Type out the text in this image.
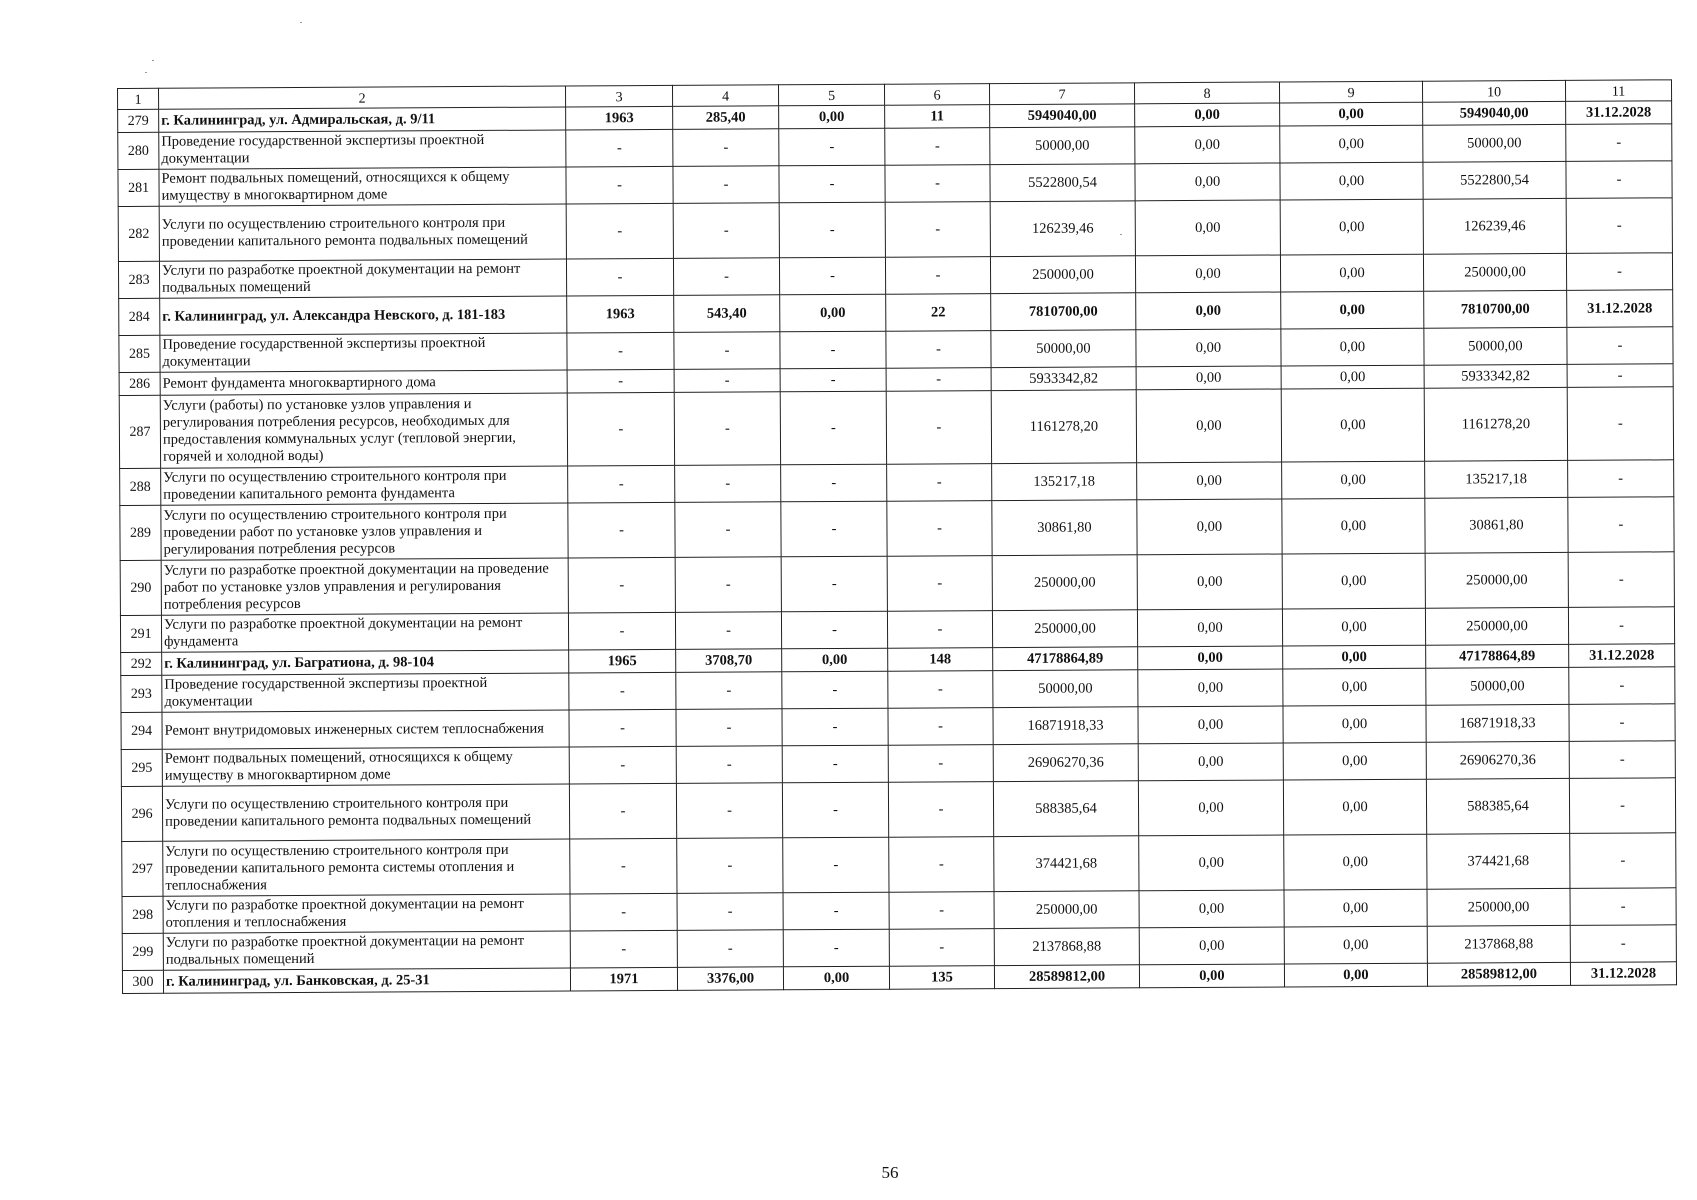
1	2	3	4	5	6	7	8	9	10	11
279	г. Калининград, ул. Адмиральская, д. 9/11	1963	285,40	0,00	11	5949040,00	0,00	0,00	5949040,00	31.12.2028
280	Проведение государственной экспертизы проектной документации	-	-	-	-	50000,00	0,00	0,00	50000,00	-
281	Ремонт подвальных помещений, относящихся к общему имуществу в многоквартирном доме	-	-	-	-	5522800,54	0,00	0,00	5522800,54	-
282	Услуги по осуществлению строительного контроля при проведении капитального ремонта подвальных помещений	-	-	-	-	126239,46	0,00	0,00	126239,46	-
283	Услуги по разработке проектной документации на ремонт подвальных помещений	-	-	-	-	250000,00	0,00	0,00	250000,00	-
284	г. Калининград, ул. Александра Невского, д. 181-183	1963	543,40	0,00	22	7810700,00	0,00	0,00	7810700,00	31.12.2028
285	Проведение государственной экспертизы проектной документации	-	-	-	-	50000,00	0,00	0,00	50000,00	-
286	Ремонт фундамента многоквартирного дома	-	-	-	-	5933342,82	0,00	0,00	5933342,82	-
287	Услуги (работы) по установке узлов управления и регулирования потребления ресурсов, необходимых для предоставления коммунальных услуг (тепловой энергии, горячей и холодной воды)	-	-	-	-	1161278,20	0,00	0,00	1161278,20	-
288	Услуги по осуществлению строительного контроля при проведении капитального ремонта фундамента	-	-	-	-	135217,18	0,00	0,00	135217,18	-
289	Услуги по осуществлению строительного контроля при проведении работ по установке узлов управления и регулирования потребления ресурсов	-	-	-	-	30861,80	0,00	0,00	30861,80	-
290	Услуги по разработке проектной документации на проведение работ по установке узлов управления и регулирования потребления ресурсов	-	-	-	-	250000,00	0,00	0,00	250000,00	-
291	Услуги по разработке проектной документации на ремонт фундамента	-	-	-	-	250000,00	0,00	0,00	250000,00	-
292	г. Калининград, ул. Багратиона, д. 98-104	1965	3708,70	0,00	148	47178864,89	0,00	0,00	47178864,89	31.12.2028
293	Проведение государственной экспертизы проектной документации	-	-	-	-	50000,00	0,00	0,00	50000,00	-
294	Ремонт внутридомовых инженерных систем теплоснабжения	-	-	-	-	16871918,33	0,00	0,00	16871918,33	-
295	Ремонт подвальных помещений, относящихся к общему имуществу в многоквартирном доме	-	-	-	-	26906270,36	0,00	0,00	26906270,36	-
296	Услуги по осуществлению строительного контроля при проведении капитального ремонта подвальных помещений	-	-	-	-	588385,64	0,00	0,00	588385,64	-
297	Услуги по осуществлению строительного контроля при проведении капитального ремонта системы отопления и теплоснабжения	-	-	-	-	374421,68	0,00	0,00	374421,68	-
298	Услуги по разработке проектной документации на ремонт отопления и теплоснабжения	-	-	-	-	250000,00	0,00	0,00	250000,00	-
299	Услуги по разработке проектной документации на ремонт подвальных помещений	-	-	-	-	2137868,88	0,00	0,00	2137868,88	-
300	г. Калининград, ул. Банковская, д. 25-31	1971	3376,00	0,00	135	28589812,00	0,00	0,00	28589812,00	31.12.2028
56
